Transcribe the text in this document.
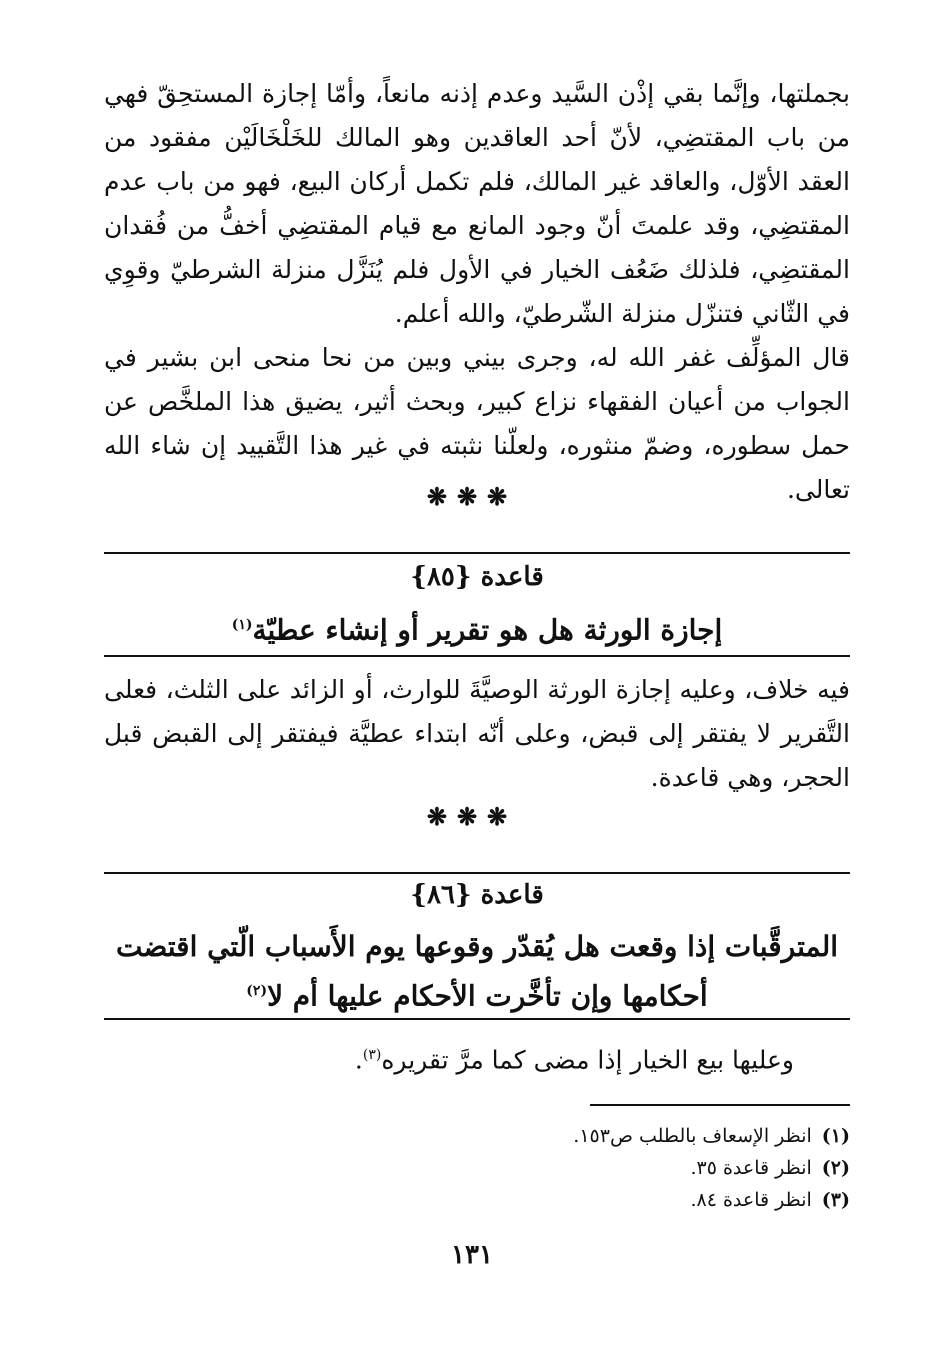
بجملتها، وإنَّما بقي إذْن السَّيد وعدم إذنه مانعاً، وأمّا إجازة المستحِقّ فهي من باب المقتضِي، لأنّ أحد العاقدين وهو المالك للخَلْخَالَيْن مفقود من العقد الأوّل، والعاقد غير المالك، فلم تكمل أركان البيع، فهو من باب عدم المقتضِي، وقد علمتَ أنّ وجود المانع مع قيام المقتضِي أخفُّ من فُقدان المقتضِي، فلذلك ضَعُف الخيار في الأول فلم يُنَزَّل منزلة الشرطيّ وقوِي في الثّاني فتنزّل منزلة الشّرطيّ، والله أعلم.

قال المؤلِّف غفر الله له، وجرى بيني وبين من نحا منحى ابن بشير في الجواب من أعيان الفقهاء نزاع كبير، وبحث أثير، يضيق هذا الملخَّص عن حمل سطوره، وضمّ منثوره، ولعلّنا نثبته في غير هذا التَّقييد إن شاء الله تعالى.

❋❋❋
قاعدة {٨٥}
إجازة الورثة هل هو تقرير أو إنشاء عطيّة$^{(١)}$

فيه خلاف، وعليه إجازة الورثة الوصيَّةَ للوارث، أو الزائد على الثلث، فعلى التَّقرير لا يفتقر إلى قبض، وعلى أنّه ابتداء عطيَّة فيفتقر إلى القبض قبل الحجر، وهي قاعدة.

❋❋❋
قاعدة {٨٦}
المترقَّبات إذا وقعت هل يُقدّر وقوعها يوم الأَسباب الّتي اقتضت أحكامها وإن تأخَّرت الأحكام عليها أم لا$^{(٢)}$

وعليها بيع الخيار إذا مضى كما مرَّ تقريره$^{(٣)}$.

(١)انظر الإسعاف بالطلب ص١٥٣.

(٢)انظر قاعدة ٣٥.

(٣)انظر قاعدة ٨٤.

١٣١
